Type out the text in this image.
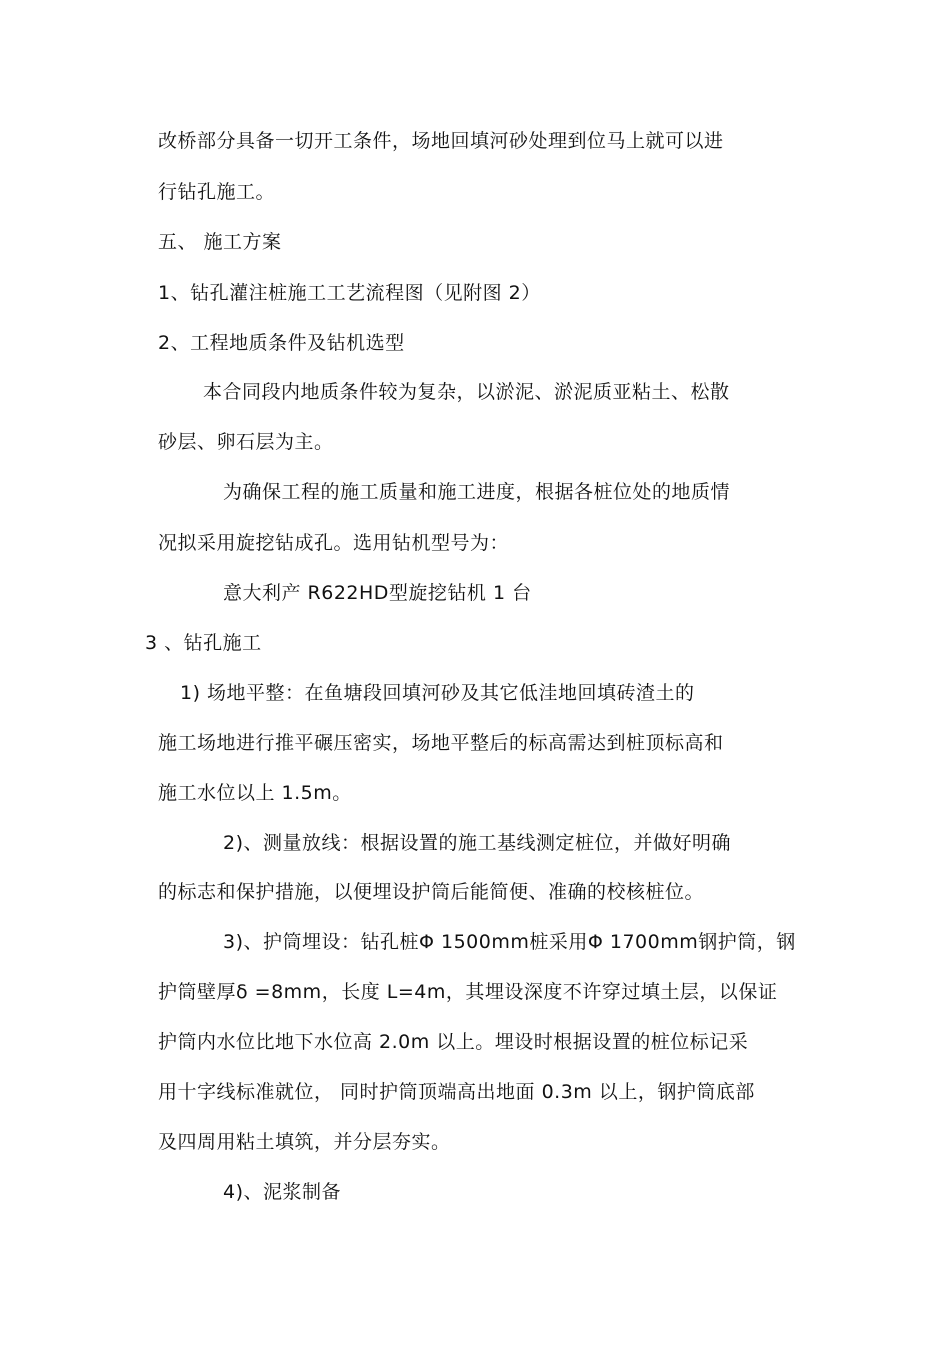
改桥部分具备一切开工条件，场地回填河砂处理到位马上就可以进
行钻孔施工。
五、 施工方案
1、钻孔灌注桩施工工艺流程图（见附图 2）
2、工程地质条件及钻机选型
本合同段内地质条件较为复杂，以淤泥、淤泥质亚粘土、松散
砂层、卵石层为主。
为确保工程的施工质量和施工进度，根据各桩位处的地质情
况拟采用旋挖钻成孔。选用钻机型号为：
意大利产 R622HD型旋挖钻机 1 台
3 、钻孔施工
1) 场地平整：在鱼塘段回填河砂及其它低洼地回填砖渣土的
施工场地进行推平碾压密实，场地平整后的标高需达到桩顶标高和
施工水位以上 1.5m。
2)、测量放线：根据设置的施工基线测定桩位，并做好明确
的标志和保护措施，以便埋设护筒后能简便、准确的校核桩位。
3)、护筒埋设：钻孔桩Φ 1500mm桩采用Φ 1700mm钢护筒，钢
护筒壁厚δ =8mm，长度 L=4m，其埋设深度不许穿过填土层，以保证
护筒内水位比地下水位高 2.0m 以上。埋设时根据设置的桩位标记采
用十字线标准就位， 同时护筒顶端高出地面 0.3m 以上，钢护筒底部
及四周用粘土填筑，并分层夯实。
4)、泥浆制备
